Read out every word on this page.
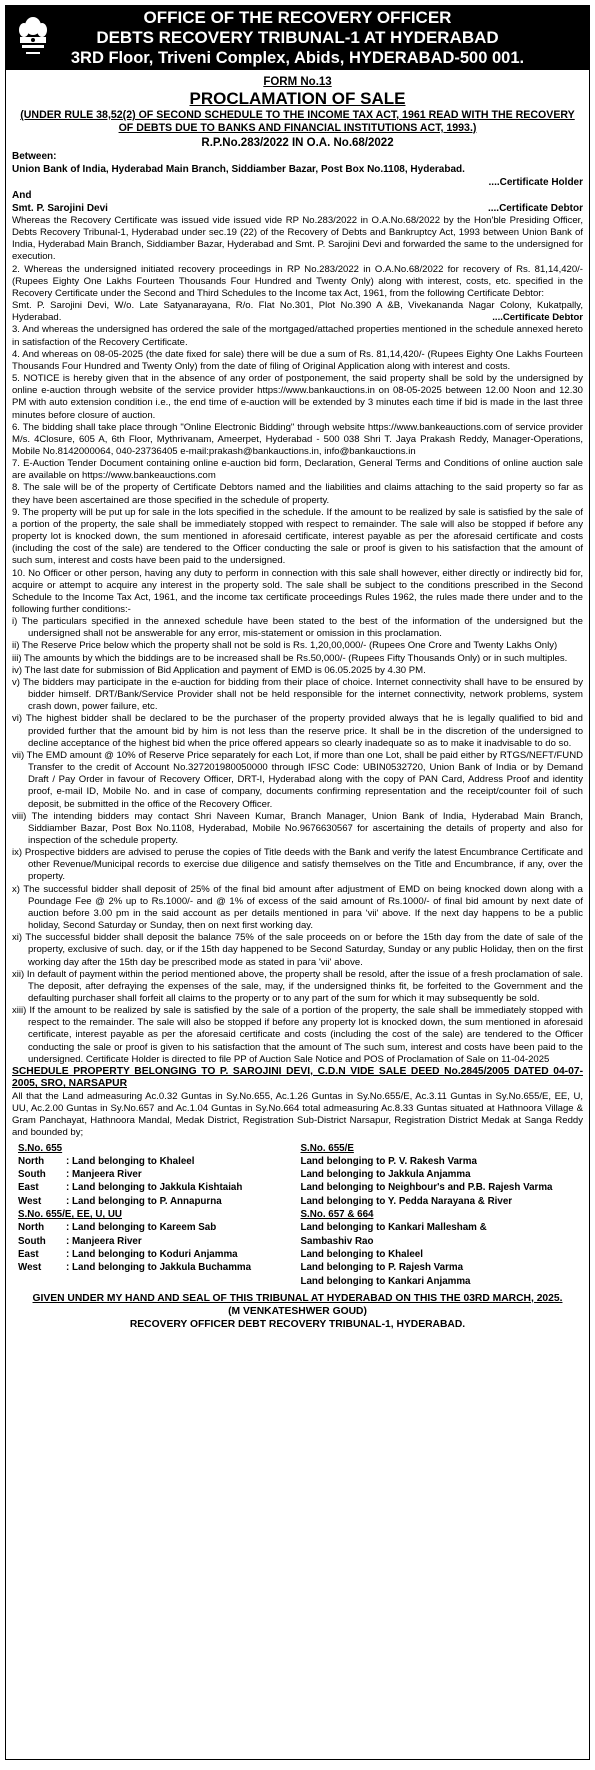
OFFICE OF THE RECOVERY OFFICER
DEBTS RECOVERY TRIBUNAL-1 AT HYDERABAD
3RD Floor, Triveni Complex, Abids, HYDERABAD-500 001.
FORM No.13
PROCLAMATION OF SALE
(UNDER RULE 38,52(2) OF SECOND SCHEDULE TO THE INCOME TAX ACT, 1961 READ WITH THE RECOVERY OF DEBTS DUE TO BANKS AND FINANCIAL INSTITUTIONS ACT, 1993.)
R.P.No.283/2022 IN O.A. No.68/2022
Between:
Union Bank of India, Hyderabad Main Branch, Siddiamber Bazar, Post Box No.1108, Hyderabad.
....Certificate Holder
And
Smt. P. Sarojini Devi	....Certificate Debtor

Whereas the Recovery Certificate was issued vide issued vide RP No.283/2022 in O.A.No.68/2022 by the Hon'ble Presiding Officer, Debts Recovery Tribunal-1, Hyderabad under sec.19 (22) of the Recovery of Debts and Bankruptcy Act, 1993 between Union Bank of India, Hyderabad Main Branch, Siddiamber Bazar, Hyderabad and Smt. P. Sarojini Devi and forwarded the same to the undersigned for execution.

2. Whereas the undersigned initiated recovery proceedings in RP No.283/2022 in O.A.No.68/2022 for recovery of Rs. 81,14,420/- (Rupees Eighty One Lakhs Fourteen Thousands Four Hundred and Twenty Only) along with interest, costs, etc. specified in the Recovery Certificate under the Second and Third Schedules to the Income tax Act, 1961, from the following Certificate Debtor:

Smt. P. Sarojini Devi, W/o. Late Satyanarayana, R/o. Flat No.301, Plot No.390 A &B, Vivekananda Nagar Colony, Kukatpally, Hyderabad.	....Certificate Debtor

3. And whereas the undersigned has ordered the sale of the mortgaged/attached properties mentioned in the schedule annexed hereto in satisfaction of the Recovery Certificate.

4. And whereas on 08-05-2025 (the date fixed for sale) there will be due a sum of Rs. 81,14,420/- (Rupees Eighty One Lakhs Fourteen Thousands Four Hundred and Twenty Only) from the date of filing of Original Application along with interest and costs.

5. NOTICE is hereby given that in the absence of any order of postponement, the said property shall be sold by the undersigned by online e-auction through website of the service provider https://www.bankauctions.in on 08-05-2025 between 12.00 Noon and 12.30 PM with auto extension condition i.e., the end time of e-auction will be extended by 3 minutes each time if bid is made in the last three minutes before closure of auction.

6. The bidding shall take place through "Online Electronic Bidding" through website https://www.bankeauctions.com of service provider M/s. 4Closure, 605 A, 6th Floor, Mythrivanam, Ameerpet, Hyderabad - 500 038 Shri T. Jaya Prakash Reddy, Manager-Operations, Mobile No.8142000064, 040-23736405 e-mail:prakash@bankauctions.in, info@bankauctions.in

7. E-Auction Tender Document containing online e-auction bid form, Declaration, General Terms and Conditions of online auction sale are available on https://www.bankeauctions.com

8. The sale will be of the property of Certificate Debtors named and the liabilities and claims attaching to the said property so far as they have been ascertained are those specified in the schedule of property.

9. The property will be put up for sale in the lots specified in the schedule. If the amount to be realized by sale is satisfied by the sale of a portion of the property, the sale shall be immediately stopped with respect to remainder. The sale will also be stopped if before any property lot is knocked down, the sum mentioned in aforesaid certificate, interest payable as per the aforesaid certificate and costs (including the cost of the sale) are tendered to the Officer conducting the sale or proof is given to his satisfaction that the amount of such sum, interest and costs have been paid to the undersigned.

10. No Officer or other person, having any duty to perform in connection with this sale shall however, either directly or indirectly bid for, acquire or attempt to acquire any interest in the property sold. The sale shall be subject to the conditions prescribed in the Second Schedule to the Income Tax Act, 1961, and the income tax certificate proceedings Rules 1962, the rules made there under and to the following further conditions:-

i) The particulars specified in the annexed schedule have been stated to the best of the information of the undersigned but the undersigned shall not be answerable for any error, mis-statement or omission in this proclamation.

ii) The Reserve Price below which the property shall not be sold is Rs. 1,20,00,000/- (Rupees One Crore and Twenty Lakhs Only)

iii) The amounts by which the biddings are to be increased shall be Rs.50,000/- (Rupees Fifty Thousands Only) or in such multiples.

iv) The last date for submission of Bid Application and payment of EMD is 06.05.2025 by 4.30 PM.

v) The bidders may participate in the e-auction for bidding from their place of choice. Internet connectivity shall have to be ensured by bidder himself. DRT/Bank/Service Provider shall not be held responsible for the internet connectivity, network problems, system crash down, power failure, etc.

vi) The highest bidder shall be declared to be the purchaser of the property provided always that he is legally qualified to bid and provided further that the amount bid by him is not less than the reserve price. It shall be in the discretion of the undersigned to decline acceptance of the highest bid when the price offered appears so clearly inadequate so as to make it inadvisable to do so.

vii) The EMD amount @ 10% of Reserve Price separately for each Lot, if more than one Lot, shall be paid either by RTGS/NEFT/FUND Transfer to the credit of Account No.327201980050000 through IFSC Code: UBIN0532720, Union Bank of India or by Demand Draft / Pay Order in favour of Recovery Officer, DRT-I, Hyderabad along with the copy of PAN Card, Address Proof and identity proof, e-mail ID, Mobile No. and in case of company, documents confirming representation and the receipt/counter foil of such deposit, be submitted in the office of the Recovery Officer.

viii) The intending bidders may contact Shri Naveen Kumar, Branch Manager, Union Bank of India, Hyderabad Main Branch, Siddiamber Bazar, Post Box No.1108, Hyderabad, Mobile No.9676630567 for ascertaining the details of property and also for inspection of the schedule property.

ix) Prospective bidders are advised to peruse the copies of Title deeds with the Bank and verify the latest Encumbrance Certificate and other Revenue/Municipal records to exercise due diligence and satisfy themselves on the Title and Encumbrance, if any, over the property.

x) The successful bidder shall deposit of 25% of the final bid amount after adjustment of EMD on being knocked down along with a Poundage Fee @ 2% up to Rs.1000/- and @ 1% of excess of the said amount of Rs.1000/- of final bid amount by next date of auction before 3.00 pm in the said account as per details mentioned in para 'vii' above. If the next day happens to be a public holiday, Second Saturday or Sunday, then on next first working day.

xi) The successful bidder shall deposit the balance 75% of the sale proceeds on or before the 15th day from the date of sale of the property, exclusive of such. day, or if the 15th day happened to be Second Saturday, Sunday or any public Holiday, then on the first working day after the 15th day be prescribed mode as stated in para 'vii' above.

xii) In default of payment within the period mentioned above, the property shall be resold, after the issue of a fresh proclamation of sale. The deposit, after defraying the expenses of the sale, may, if the undersigned thinks fit, be forfeited to the Government and the defaulting purchaser shall forfeit all claims to the property or to any part of the sum for which it may subsequently be sold.

xiii) If the amount to be realized by sale is satisfied by the sale of a portion of the property, the sale shall be immediately stopped with respect to the remainder. The sale will also be stopped if before any property lot is knocked down, the sum mentioned in aforesaid certificate, interest payable as per the aforesaid certificate and costs (including the cost of the sale) are tendered to the Officer conducting the sale or proof is given to his satisfaction that the amount of The such sum, interest and costs have been paid to the undersigned. Certificate Holder is directed to file PP of Auction Sale Notice and POS of Proclamation of Sale on 11-04-2025

SCHEDULE PROPERTY BELONGING TO P. SAROJINI DEVI, C.D.N VIDE SALE DEED No.2845/2005 DATED 04-07-2005, SRO, NARSAPUR

All that the Land admeasuring Ac.0.32 Guntas in Sy.No.655, Ac.1.26 Guntas in Sy.No.655/E, Ac.3.11 Guntas in Sy.No.655/E, EE, U, UU, Ac.2.00 Guntas in Sy.No.657 and Ac.1.04 Guntas in Sy.No.664 total admeasuring Ac.8.33 Guntas situated at Hathnoora Village & Gram Panchayat, Hathnoora Mandal, Medak District, Registration Sub-District Narsapur, Registration District Medak at Sanga Reddy and bounded by;

S.No. 655
North	: Land belonging to Khaleel
South	: Manjeera River
East	: Land belonging to Jakkula Kishtaiah
West	: Land belonging to P. Annapurna
S.No. 655/E, EE, U, UU
North	: Land belonging to Kareem Sab
South	: Manjeera River
East	: Land belonging to Koduri Anjamma
West	: Land belonging to Jakkula Buchamma
S.No. 655/E
Land belonging to P. V. Rakesh Varma
Land belonging to Jakkula Anjamma
Land belonging to Neighbour's and P.B. Rajesh Varma
Land belonging to Y. Pedda Narayana & River
S.No. 657 & 664
Land belonging to Kankari Mallesham &
Sambashiv Rao
Land belonging to Khaleel
Land belonging to P. Rajesh Varma
Land belonging to Kankari Anjamma
GIVEN UNDER MY HAND AND SEAL OF THIS TRIBUNAL AT HYDERABAD ON THIS THE 03RD MARCH, 2025.
(M VENKATESHWER GOUD)
RECOVERY OFFICER DEBT RECOVERY TRIBUNAL-1, HYDERABAD.
